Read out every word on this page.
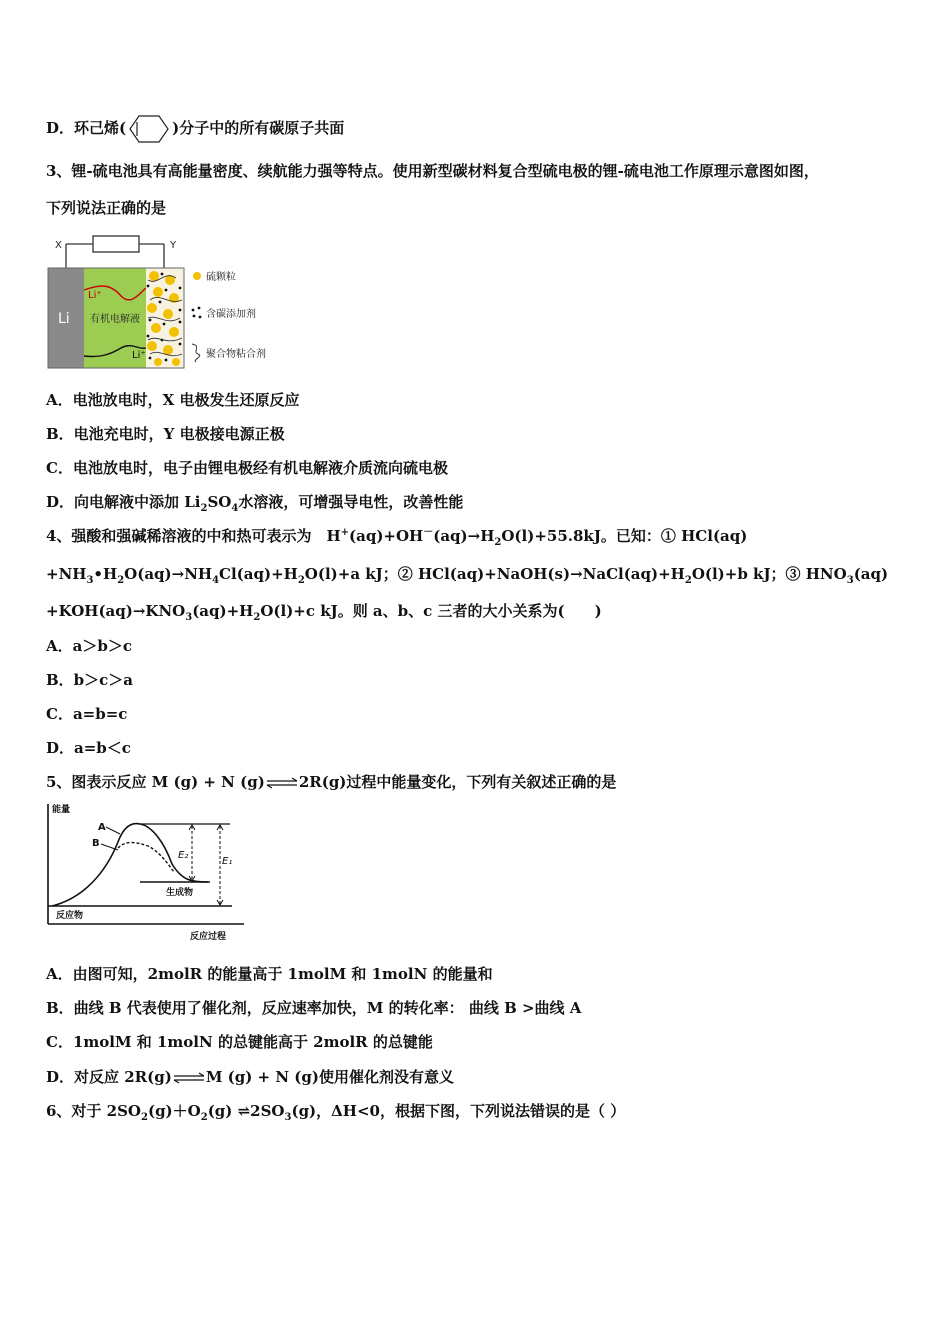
D．环己烯(	)分子中的所有碳原子共面
3、锂-硫电池具有高能量密度、续航能力强等特点。使用新型碳材料复合型硫电极的锂-硫电池工作原理示意图如图，
下列说法正确的是
X	Y
Li 有机电解液
Li⁺
Li⁺
硫颗粒
含碳添加剂
聚合物粘合剂
A．电池放电时，X 电极发生还原反应
B．电池充电时，Y 电极接电源正极
C．电池放电时，电子由锂电极经有机电解液介质流向硫电极
D．向电解液中添加 $Li_2SO_4$水溶液，可增强导电性，改善性能
4、强酸和强碱稀溶液的中和热可表示为　$H^+(aq)+OH^-(aq)\to H_2O(l)+55.8kJ$。已知：① HCl(aq)
$+NH_3•H_2O(aq)\to NH_4Cl(aq)+H_2O(l)+a$ kJ；② $HCl(aq)+NaOH(s)\to NaCl(aq)+H_2O(l)+b$ kJ；③ $HNO_3(aq)$
$+KOH(aq)\to KNO_3(aq)+H_2O(l)+c$ kJ。则 a、b、c 三者的大小关系为(　　)
A．a＞b＞c
B．b＞c＞a
C．a=b=c
D．a=b＜c
5、图表示反应 M (g) + N (g)⇌2R(g)过程中能量变化，下列有关叙述正确的是
能量
A
B
E₂
E₁
生成物
反应物
反应过程
A．由图可知，2molR 的能量高于 1molM 和 1molN 的能量和
B．曲线 B 代表使用了催化剂，反应速率加快，M 的转化率： 曲线 B >曲线 A
C．1molM 和 1molN 的总键能高于 2molR 的总键能
D．对反应 2R(g)⇌M (g) + N (g)使用催化剂没有意义
6、对于 $2SO_2(g)+O_2(g)$ $\rightleftharpoons 2SO_3(g)$，ΔH<0，根据下图，下列说法错误的是（ ）
